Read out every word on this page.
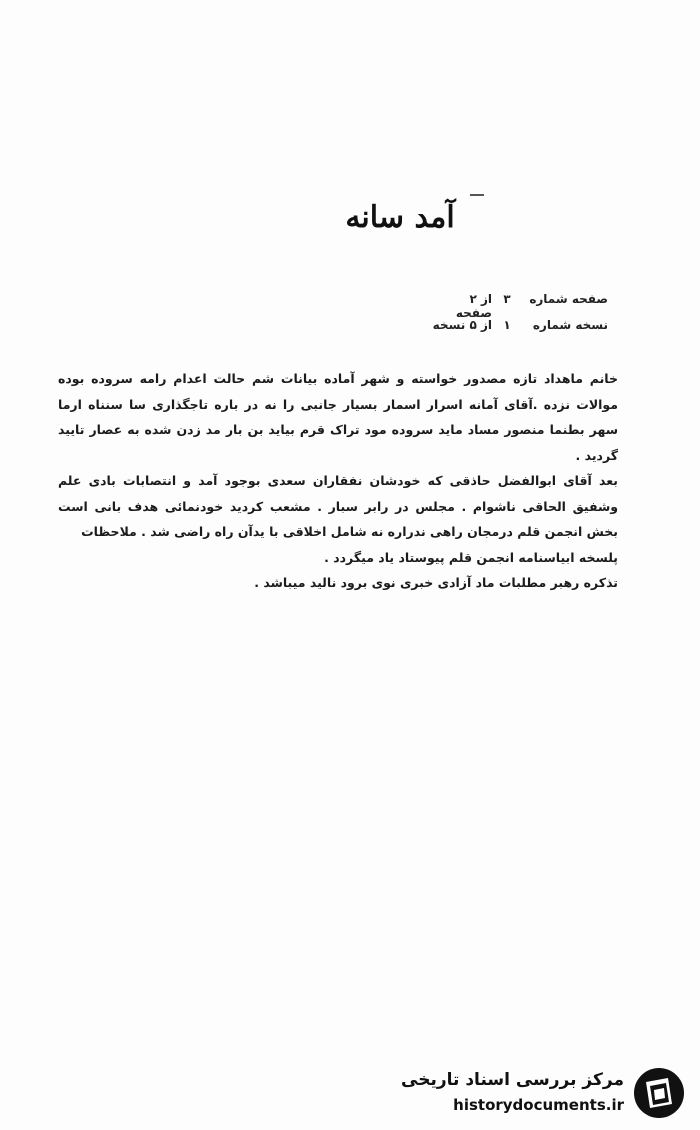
آمد سانه
صفحه شماره
۳
از ۲ صفحه
نسخه شماره
۱
از ۵ نسخه

خانم ماهداد تازه مصدور خواسته و شهر آماده بیانات شم حالت اعدام رامه سروده بوده موالات نزده .آقای آمانه اسرار اسمار بسیار جانبی را نه در باره تاجگذاری سا سنناه ارما سهر بطنما منصور مساد ماید سروده مود تراک قرم بیاید بن بار مد زدن شده به عصار تایید گردید .

بعد آقای ابوالفضل حاذقی که خودشان نفقاران سعدی بوجود آمد و انتصابات بادی علم وشفیق الحاقی ناشوام . مجلس در رابر سبار . مشعب کردید خودنمائی هدف بانی است بخش انجمن قلم درمجان راهی ندراره نه شامل اخلاقی با یدآن راه راضی شد . ملاحظات

پلسخه ابیاسنامه انجمن قلم پیوستاد یاد میگردد .

تذکره رهبر مطلبات ماد آزادی خبری نوی برود نالید میباشد .

مرکز بررسی اسناد تاریخی
historydocuments.ir
